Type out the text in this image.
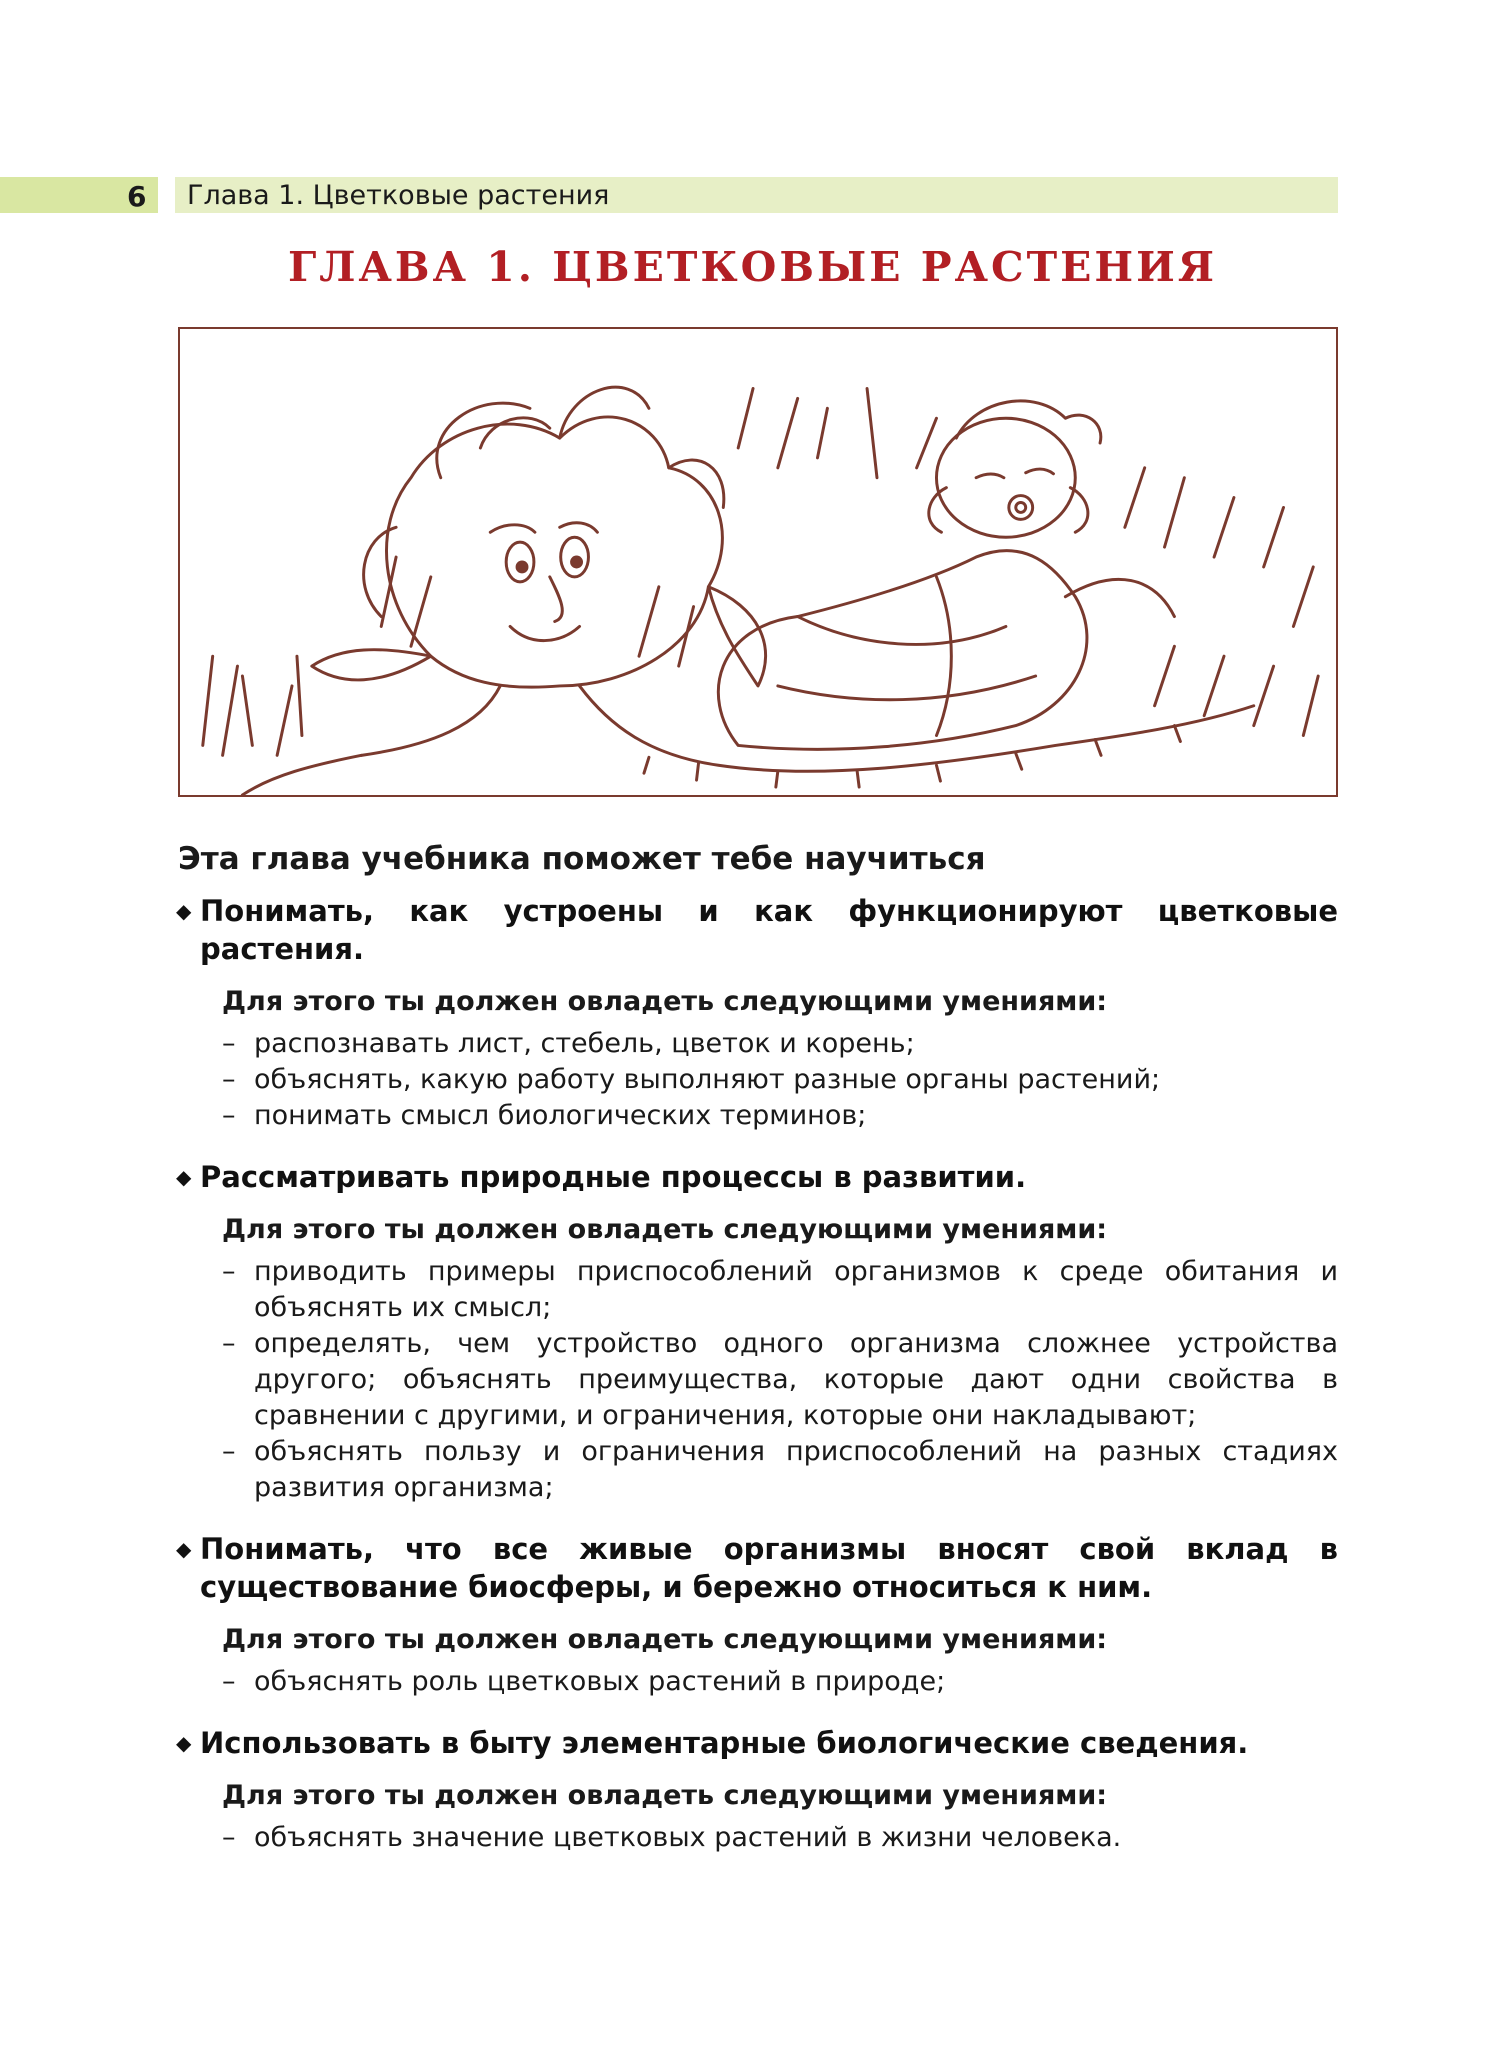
6 Глава 1. Цветковые растения
ГЛАВА 1. ЦВЕТКОВЫЕ РАСТЕНИЯ
Эта глава учебника поможет тебе научиться
◆ Понимать, как устроены и как функционируют цветковые растения.
Для этого ты должен овладеть следующими умениями:
– распознавать лист, стебель, цветок и корень;
– объяснять, какую работу выполняют разные органы растений;
– понимать смысл биологических терминов;
◆ Рассматривать природные процессы в развитии.
Для этого ты должен овладеть следующими умениями:
– приводить примеры приспособлений организмов к среде обитания и объяснять их смысл;
– определять, чем устройство одного организма сложнее устройства другого; объяснять преимущества, которые дают одни свойства в сравнении с другими, и ограничения, которые они накладывают;
– объяснять пользу и ограничения приспособлений на разных стадиях развития организма;
◆ Понимать, что все живые организмы вносят свой вклад в существование биосферы, и бережно относиться к ним.
Для этого ты должен овладеть следующими умениями:
– объяснять роль цветковых растений в природе;
◆ Использовать в быту элементарные биологические сведения.
Для этого ты должен овладеть следующими умениями:
– объяснять значение цветковых растений в жизни человека.
